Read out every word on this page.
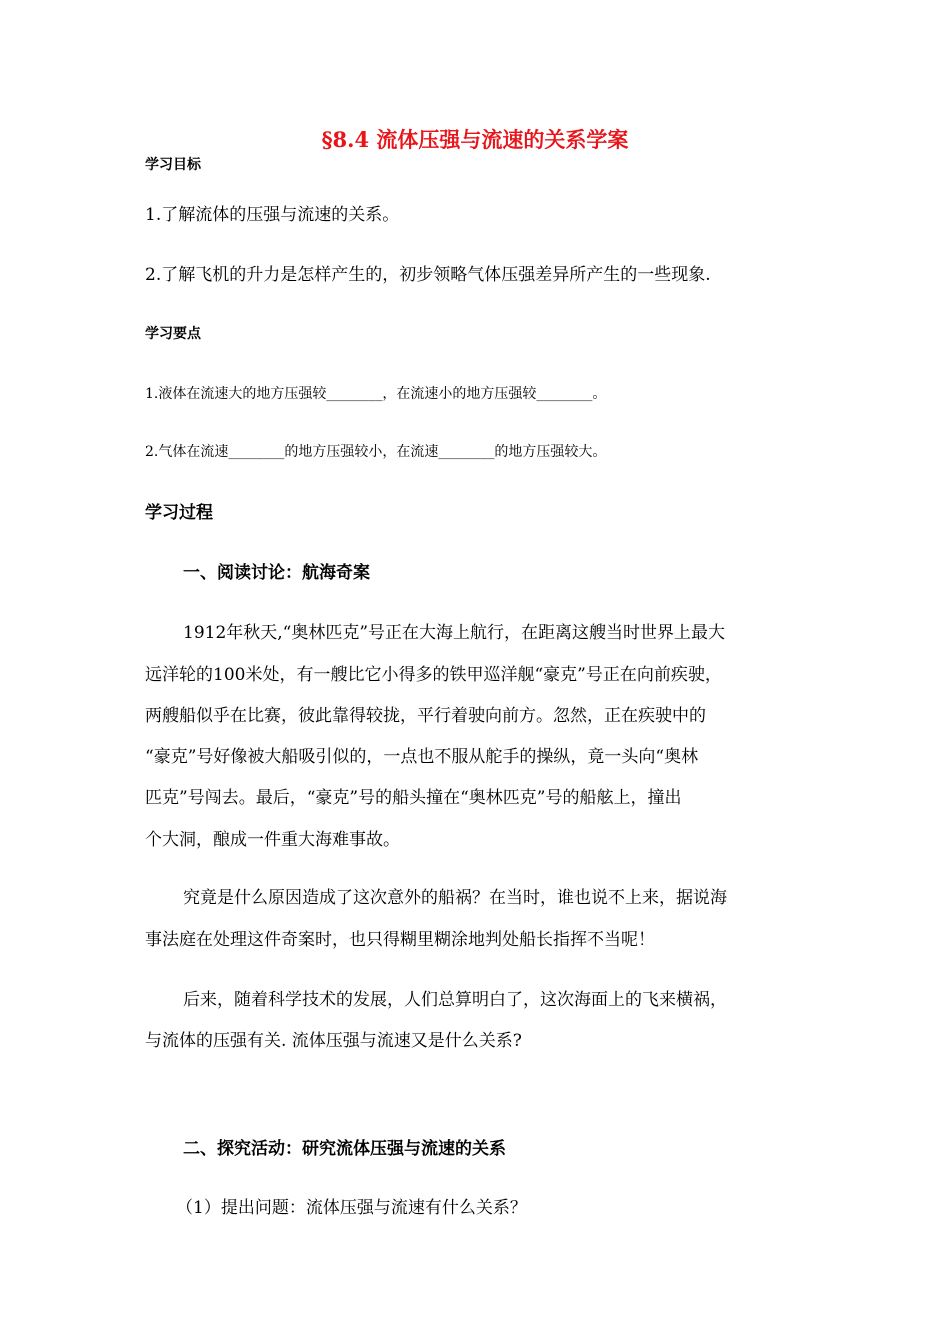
§8.4 流体压强与流速的关系学案

学习目标

1.了解流体的压强与流速的关系。

2.了解飞机的升力是怎样产生的，初步领略气体压强差异所产生的一些现象.

学习要点

1.液体在流速大的地方压强较________，在流速小的地方压强较________。

2.气体在流速________的地方压强较小，在流速________的地方压强较大。

学习过程

一、阅读讨论：航海奇案

1912年秋天,“奥林匹克”号正在大海上航行，在距离这艘当时世界上最大

远洋轮的100米处，有一艘比它小得多的铁甲巡洋舰“豪克”号正在向前疾驶，

两艘船似乎在比赛，彼此靠得较拢，平行着驶向前方。忽然，正在疾驶中的

“豪克”号好像被大船吸引似的，一点也不服从舵手的操纵，竟一头向“奥林

匹克”号闯去。最后，“豪克”号的船头撞在“奥林匹克”号的船舷上，撞出

个大洞，酿成一件重大海难事故。

究竟是什么原因造成了这次意外的船祸？在当时，谁也说不上来，据说海

事法庭在处理这件奇案时，也只得糊里糊涂地判处船长指挥不当呢！

后来，随着科学技术的发展，人们总算明白了，这次海面上的飞来横祸，

与流体的压强有关. 流体压强与流速又是什么关系?

二、探究活动：研究流体压强与流速的关系

（1）提出问题：流体压强与流速有什么关系？
